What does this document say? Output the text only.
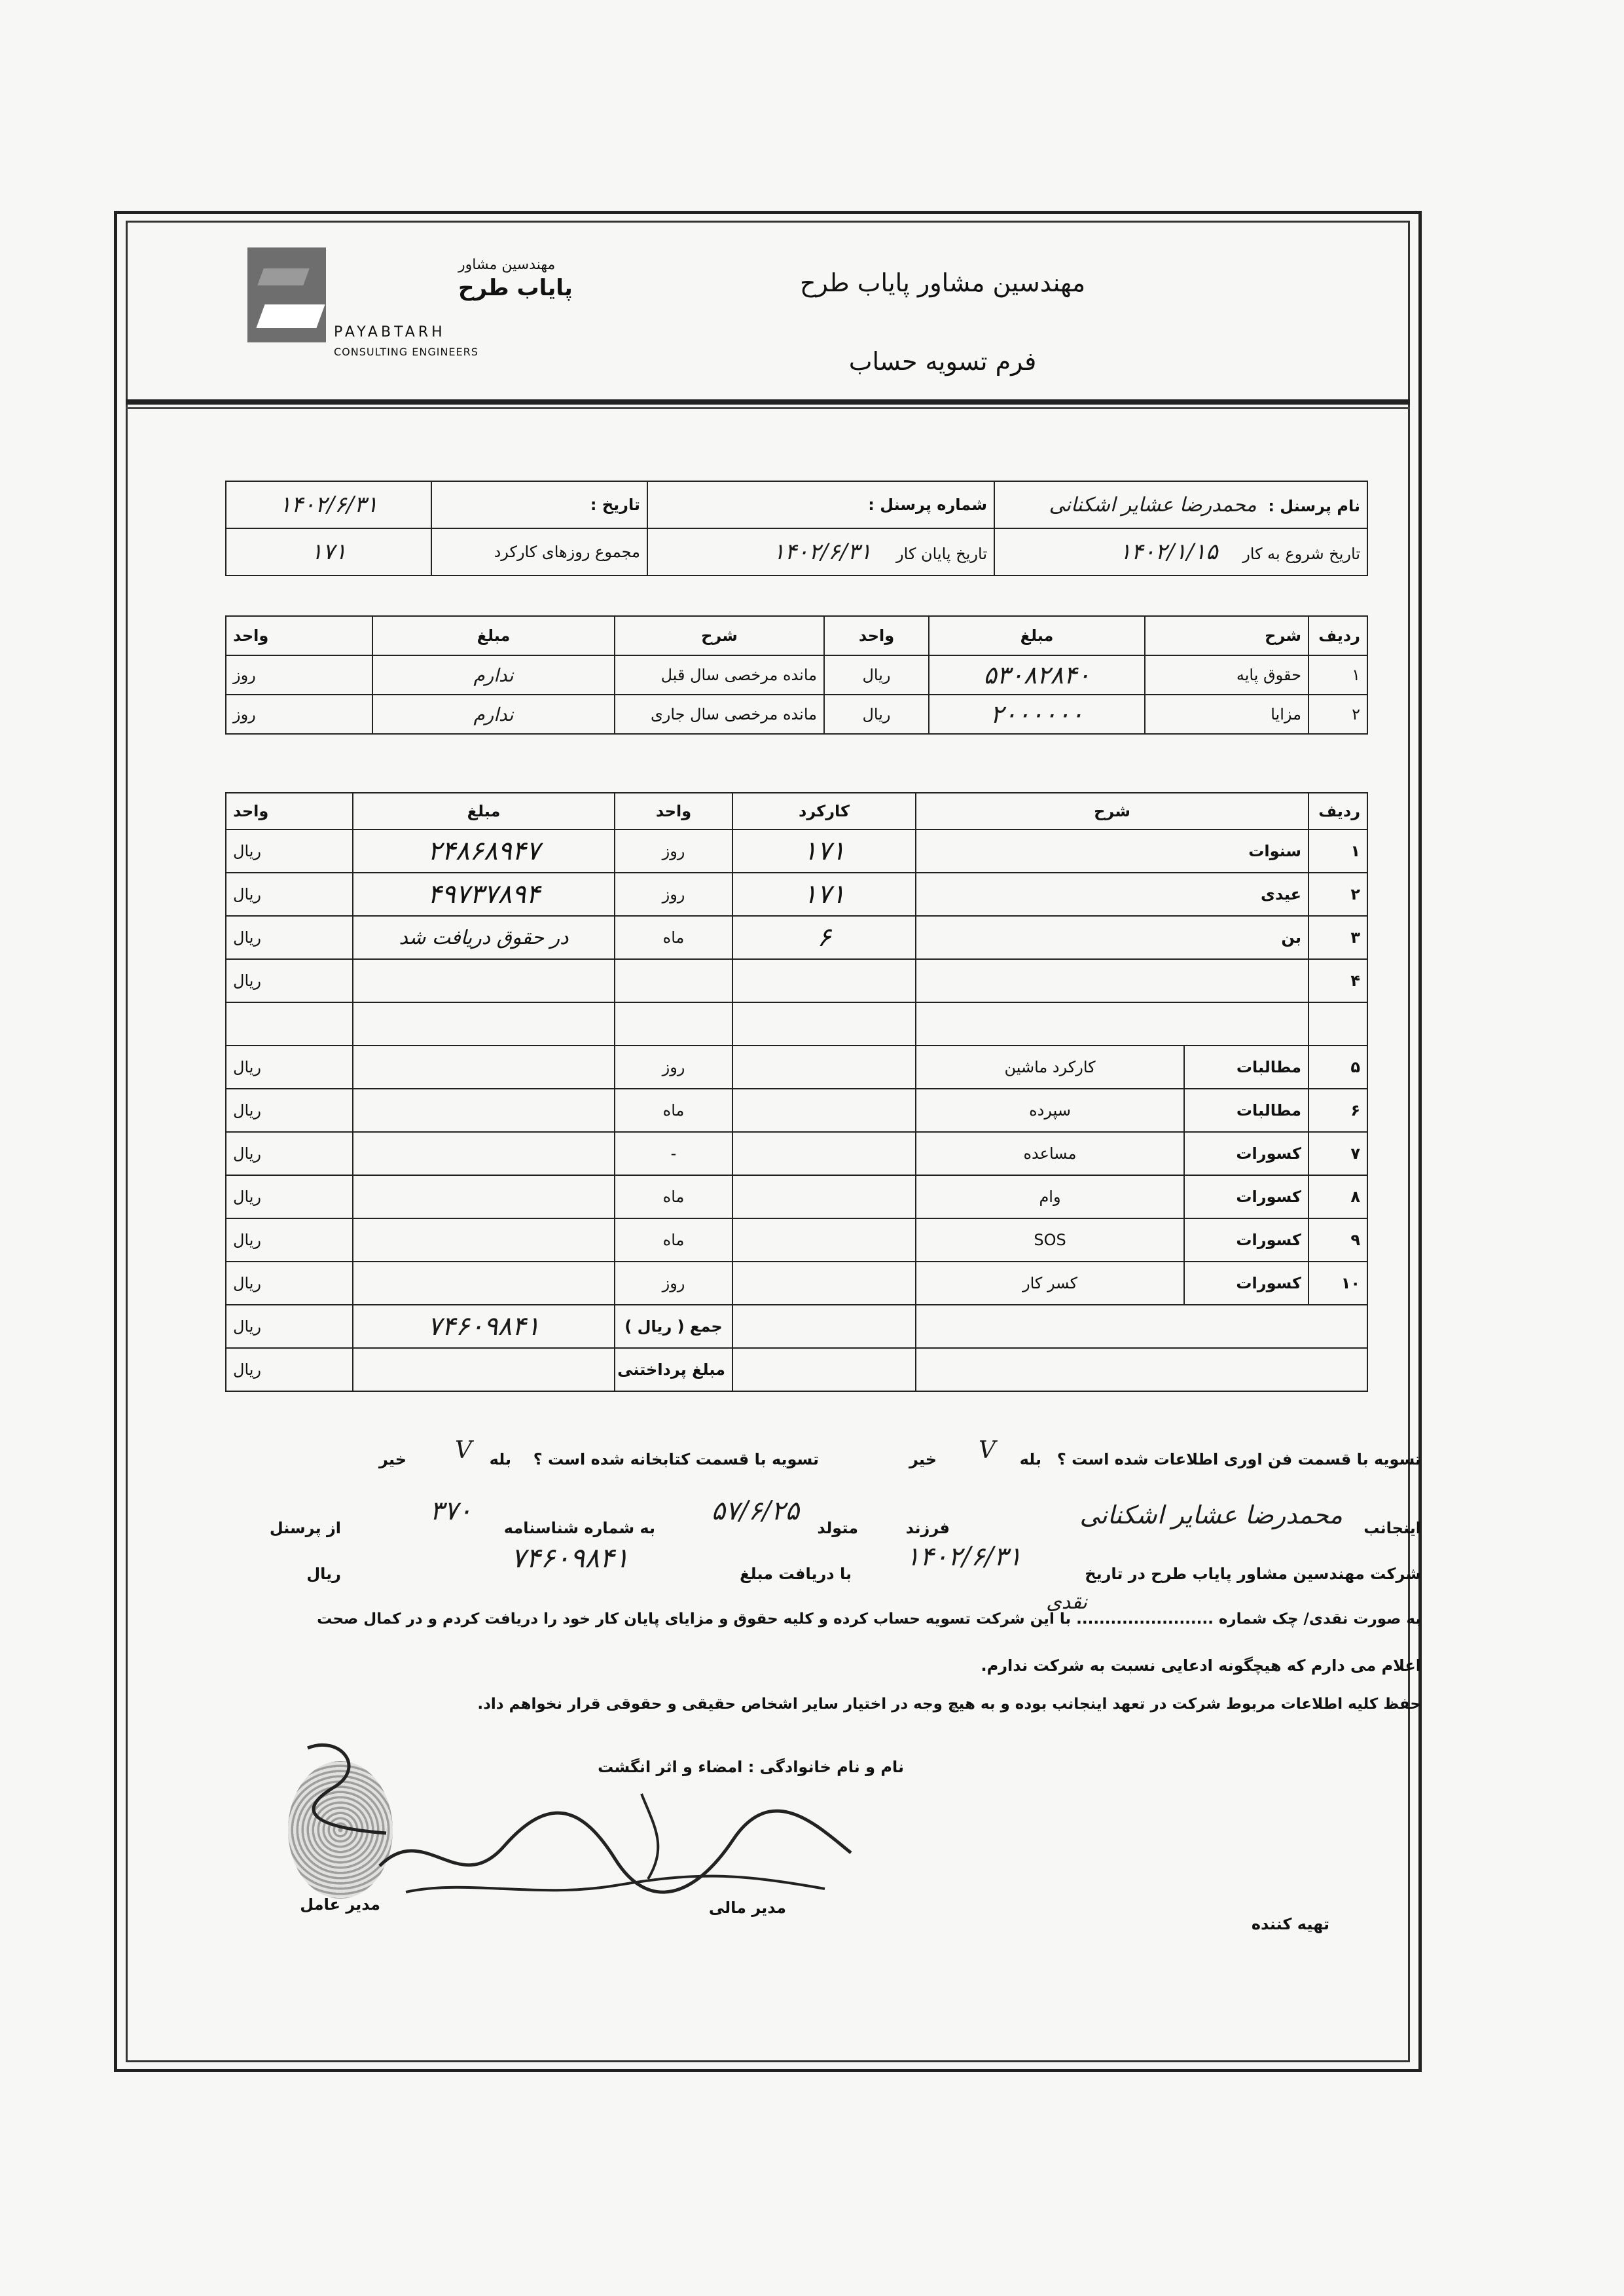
مهندسین مشاور
پایاب طرح
PAYABTARH
CONSULTING ENGINEERS
مهندسین مشاور پایاب طرح
فرم تسویه حساب
نام پرسنل : محمدرضا عشایر اشکنانی	شماره پرسنل :	تاریخ :	۱۴۰۲/۶/۳۱
تاریخ شروع به کار ۱۴۰۲/۱/۱۵	تاریخ پایان کار ۱۴۰۲/۶/۳۱	مجموع روزهای کارکرد	۱۷۱
ردیف	شرح	مبلغ	واحد	شرح	مبلغ	واحد
۱	حقوق پایه	۵۳۰۸۲۸۴۰	ریال	مانده مرخصی سال قبل	ندارم	روز
۲	مزایا	۲۰۰۰۰۰۰	ریال	مانده مرخصی سال جاری	ندارم	روز
ردیف	شرح		کارکرد	واحد	مبلغ	واحد
۱	سنوات		۱۷۱	روز	۲۴۸۶۸۹۴۷	ریال
۲	عیدی		۱۷۱	روز	۴۹۷۳۷۸۹۴	ریال
۳	بن		۶	ماه	در حقوق دریافت شد	ریال
۴						ریال

۵	مطالبات	کارکرد ماشین		روز		ریال
۶	مطالبات	سپرده		ماه		ریال
۷	کسورات	مساعده		-		ریال
۸	کسورات	وام		ماه		ریال
۹	کسورات	SOS		ماه		ریال
۱۰	کسورات	کسر کار		روز		ریال
				جمع ( ریال )	۷۴۶۰۹۸۴۱	ریال
				مبلغ پرداختنی		ریال
تسویه با قسمت فن اوری اطلاعات شده است ؟
بله
خیر V
تسویه با قسمت کتابخانه شده است ؟
بله
خیر V
اینجانب
محمدرضا عشایر اشکنانی
فرزند
متولد
۵۷/۶/۲۵
به شماره شناسنامه
۳۷۰
از پرسنل
شرکت مهندسین مشاور پایاب طرح در تاریخ
۱۴۰۲/۶/۳۱
با دریافت مبلغ
۷۴۶۰۹۸۴۱
ریال
به صورت نقدی/ چک شماره ........................ با این شرکت تسویه حساب کرده و کلیه حقوق و مزایای پایان کار خود را دریافت کردم و در کمال صحت
نقدی
اعلام می دارم که هیچگونه ادعایی نسبت به شرکت ندارم.
حفظ کلیه اطلاعات مربوط شرکت در تعهد اینجانب بوده و به هیچ وجه در اختیار سایر اشخاص حقیقی و حقوقی قرار نخواهم داد.
نام و نام خانوادگی : امضاء و اثر انگشت
تهیه کننده
مدیر مالی
مدیر عامل
